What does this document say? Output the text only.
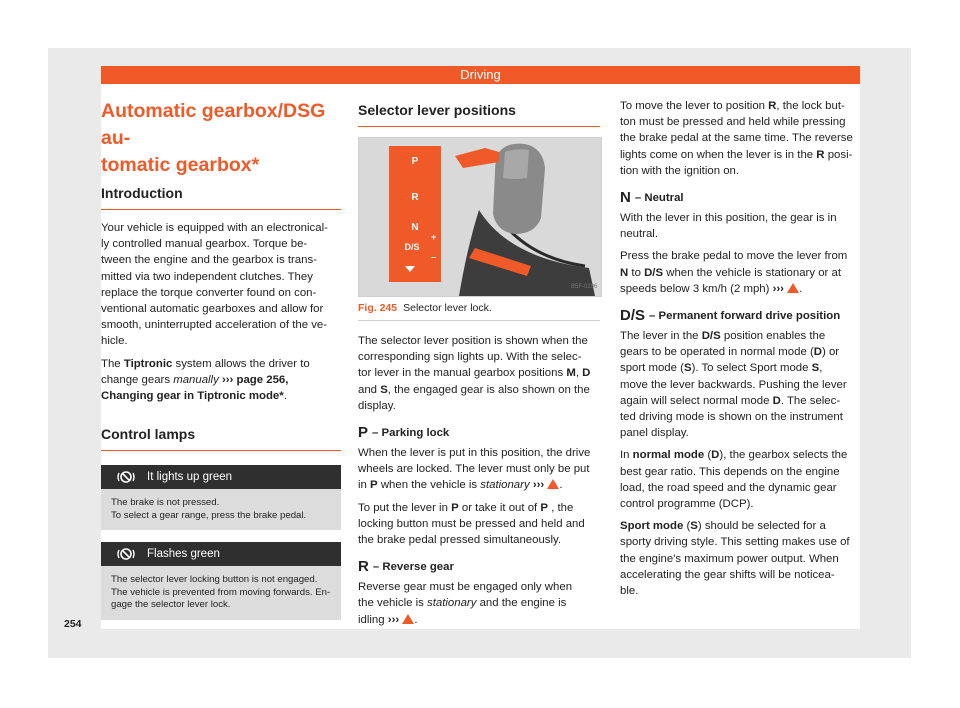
Driving

Automatic gearbox/DSG au-
tomatic gearbox*

Introduction

Your vehicle is equipped with an electronical-
ly controlled manual gearbox. Torque be-
tween the engine and the gearbox is trans-
mitted via two independent clutches. They
replace the torque converter found on con-
ventional automatic gearboxes and allow for
smooth, uninterrupted acceleration of the ve-
hicle.

The Tiptronic system allows the driver to
change gears manually ››› page 256,
Changing gear in Tiptronic mode*.

Control lamps

It lights up green
The brake is not pressed.
To select a gear range, press the brake pedal.
Flashes green
The selector lever locking button is not engaged.
The vehicle is prevented from moving forwards. En-
gage the selector lever lock.

Selector lever positions

P
R
N
D/S
+
–
B5F-0206

Fig. 245 Selector lever lock.

The selector lever position is shown when the
corresponding sign lights up. With the selec-
tor lever in the manual gearbox positions M, D
and S, the engaged gear is also shown on the
display.

P – Parking lock

When the lever is put in this position, the drive
wheels are locked. The lever must only be put
in P when the vehicle is stationary ››› .

To put the lever in P or take it out of P , the
locking button must be pressed and held and
the brake pedal pressed simultaneously.

R – Reverse gear

Reverse gear must be engaged only when
the vehicle is stationary and the engine is
idling ››› .

To move the lever to position R, the lock but-
ton must be pressed and held while pressing
the brake pedal at the same time. The reverse
lights come on when the lever is in the R posi-
tion with the ignition on.

N – Neutral

With the lever in this position, the gear is in
neutral.

Press the brake pedal to move the lever from
N to D/S when the vehicle is stationary or at
speeds below 3 km/h (2 mph) ››› .

D/S – Permanent forward drive position

The lever in the D/S position enables the
gears to be operated in normal mode (D) or
sport mode (S). To select Sport mode S,
move the lever backwards. Pushing the lever
again will select normal mode D. The selec-
ted driving mode is shown on the instrument
panel display.

In normal mode (D), the gearbox selects the
best gear ratio. This depends on the engine
load, the road speed and the dynamic gear
control programme (DCP).

Sport mode (S) should be selected for a
sporty driving style. This setting makes use of
the engine's maximum power output. When
accelerating the gear shifts will be noticea-
ble.

254
